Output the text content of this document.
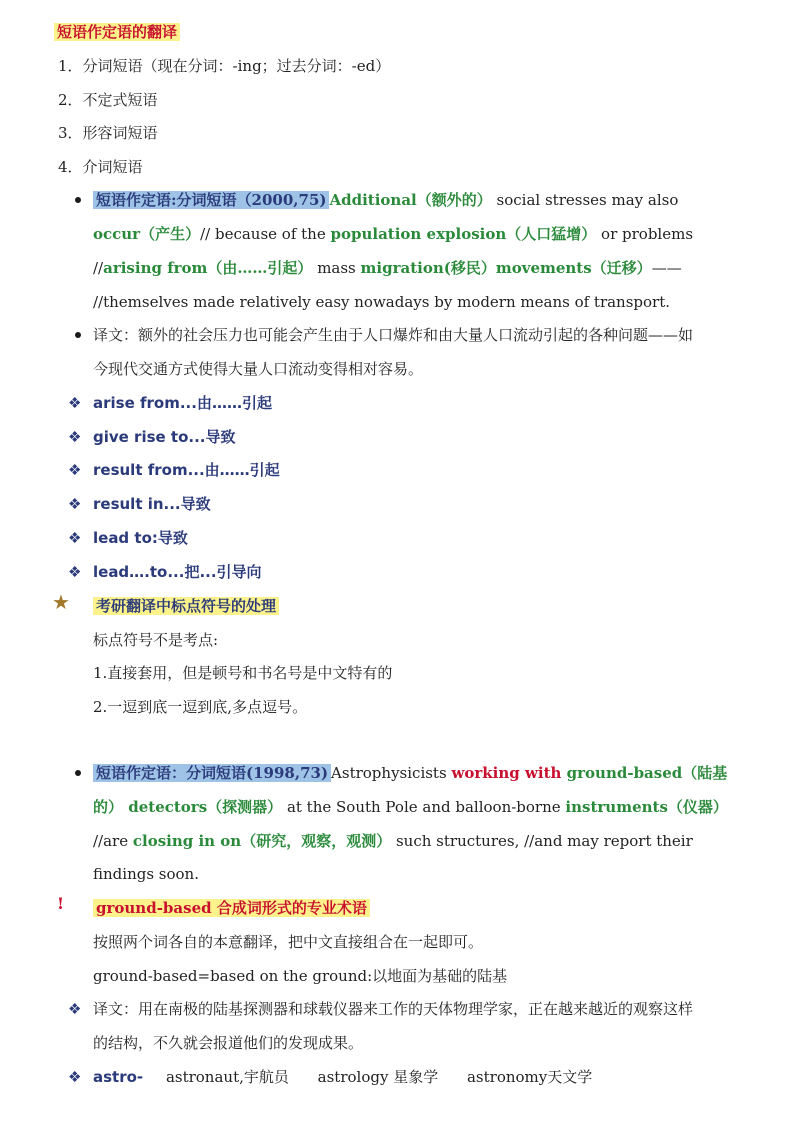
短语作定语的翻译
1．分词短语（现在分词：-ing；过去分词：-ed）
2．不定式短语
3．形容词短语
4．介词短语
短语作定语:分词短语（2000,75) Additional（额外的） social stresses may also
occur（产生）// because of the population explosion（人口猛增） or problems
//arising from（由……引起） mass migration(移民）movements（迁移）——
//themselves made relatively easy nowadays by modern means of transport.
译文：额外的社会压力也可能会产生由于人口爆炸和由大量人口流动引起的各种问题——如
今现代交通方式使得大量人口流动变得相对容易。
❖ arise from...由……引起
❖ give rise to...导致
❖ result from...由……引起
❖ result in...导致
❖ lead to:导致
❖ lead….to...把...引导向
★ 考研翻译中标点符号的处理
标点符号不是考点:
1.直接套用，但是顿号和书名号是中文特有的
2.一逗到底一逗到底,多点逗号。
短语作定语：分词短语(1998,73) Astrophysicists working with ground-based（陆基
的） detectors（探测器） at the South Pole and balloon-borne instruments（仪器）
//are closing in on（研究，观察，观测） such structures, //and may report their
findings soon.
! ground-based 合成词形式的专业术语
按照两个词各自的本意翻译，把中文直接组合在一起即可。
ground-based=based on the ground:以地面为基础的陆基
❖ 译文：用在南极的陆基探测器和球载仪器来工作的天体物理学家，正在越来越近的观察这样
的结构，不久就会报道他们的发现成果。
❖ astro- astronaut,宇航员 astrology 星象学 astronomy天文学
